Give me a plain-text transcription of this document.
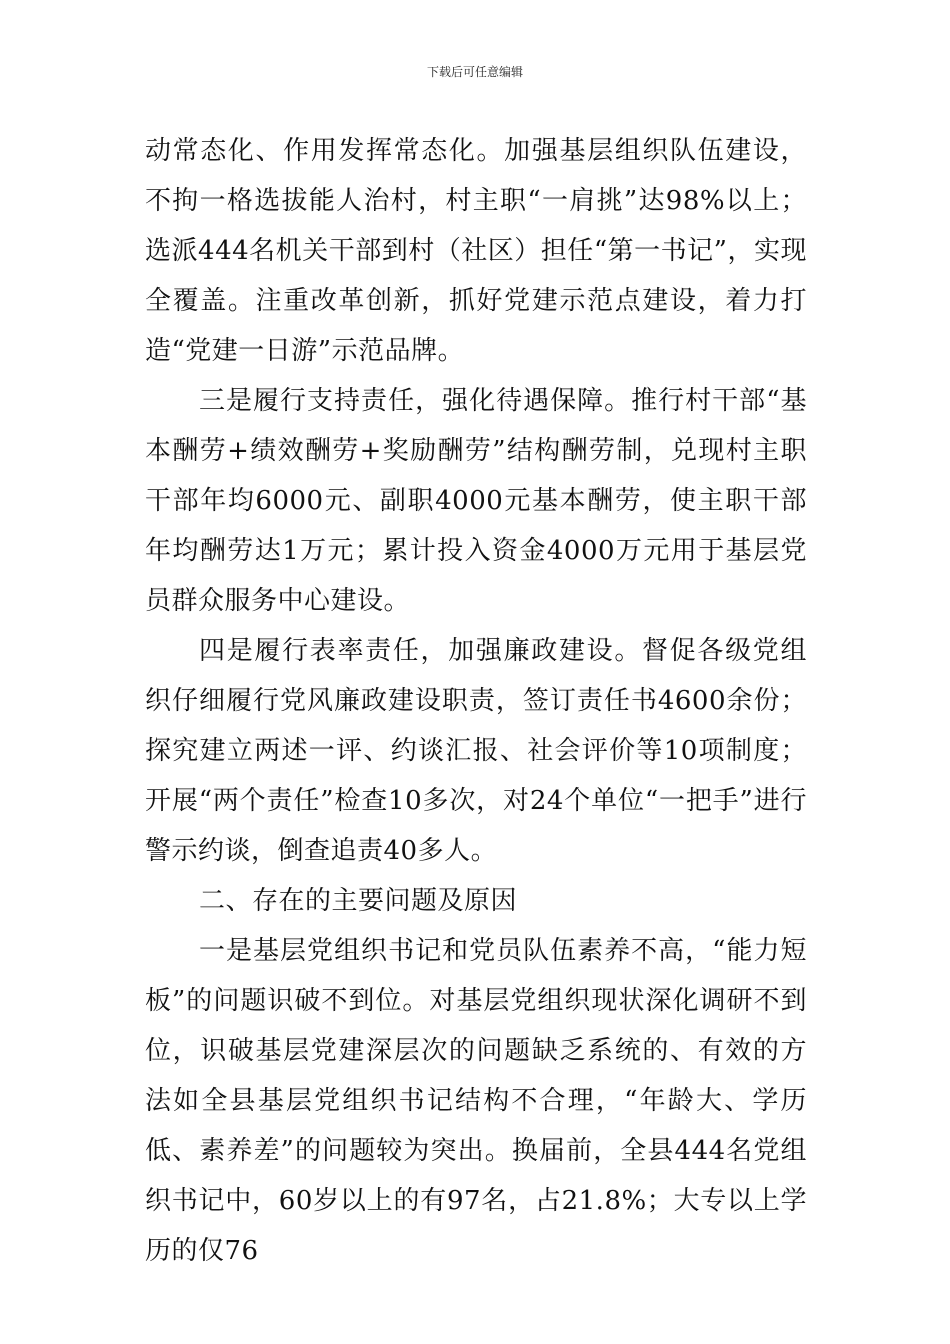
下载后可任意编辑

动常态化、作用发挥常态化。加强基层组织队伍建设，不拘一格选拔能人治村，村主职“一肩挑”达98%以上；选派444名机关干部到村（社区）担任“第一书记”，实现全覆盖。注重改革创新，抓好党建示范点建设，着力打造“党建一日游”示范品牌。

三是履行支持责任，强化待遇保障。推行村干部“基本酬劳+绩效酬劳+奖励酬劳”结构酬劳制，兑现村主职干部年均6000元、副职4000元基本酬劳，使主职干部年均酬劳达1万元；累计投入资金4000万元用于基层党员群众服务中心建设。

四是履行表率责任，加强廉政建设。督促各级党组织仔细履行党风廉政建设职责，签订责任书4600余份；探究建立两述一评、约谈汇报、社会评价等10项制度；开展“两个责任”检查10多次，对24个单位“一把手”进行警示约谈，倒查追责40多人。

二、存在的主要问题及原因

一是基层党组织书记和党员队伍素养不高，“能力短板”的问题识破不到位。对基层党组织现状深化调研不到位，识破基层党建深层次的问题缺乏系统的、有效的方法如全县基层党组织书记结构不合理，“年龄大、学历低、素养差”的问题较为突出。换届前，全县444名党组织书记中，60岁以上的有97名，占21.8%；大专以上学历的仅76
